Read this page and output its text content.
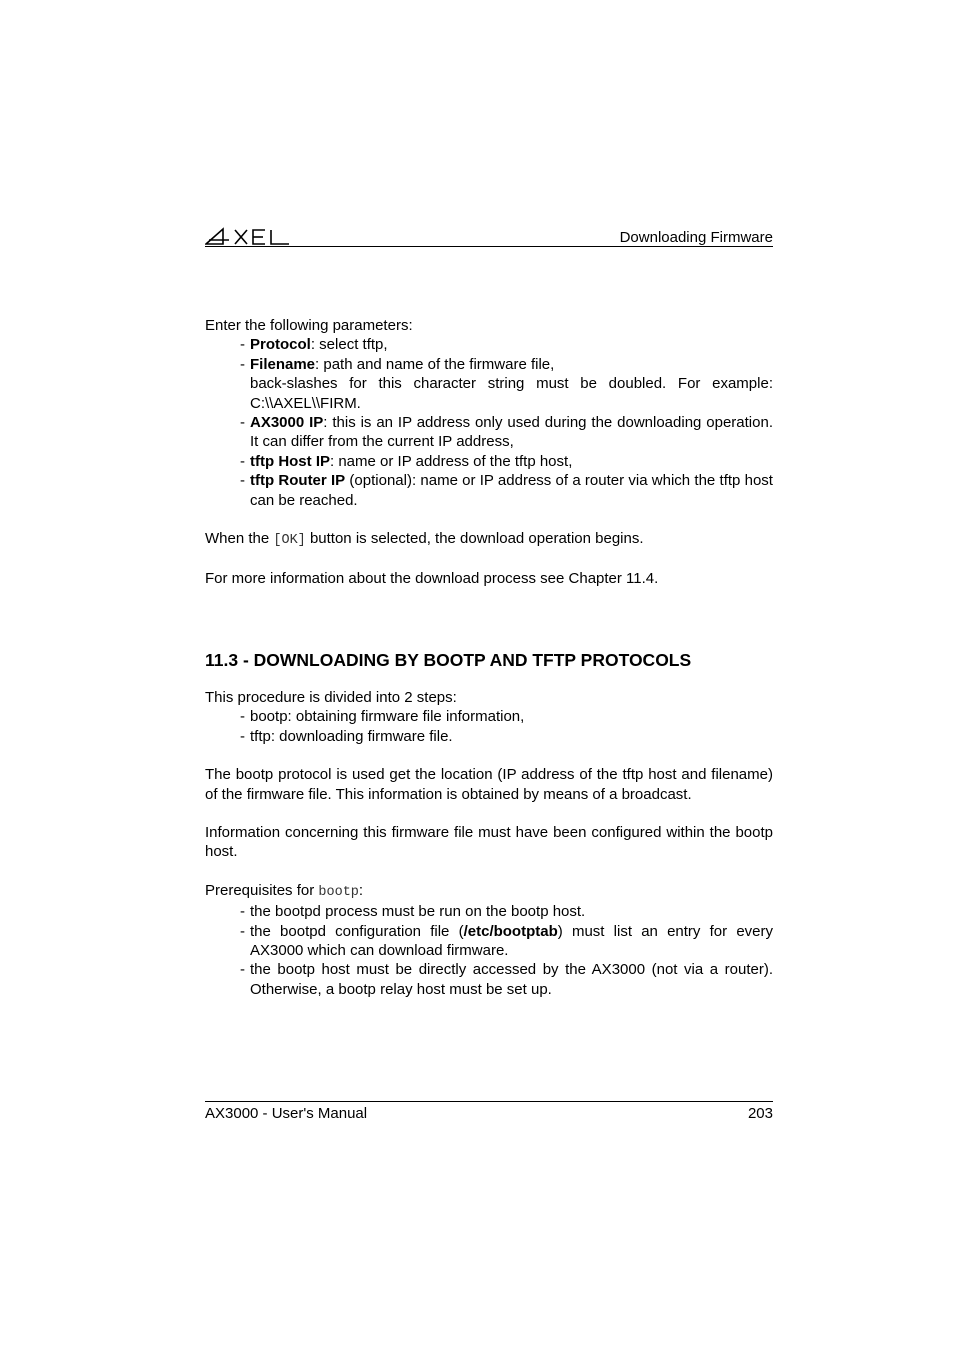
Downloading Firmware

Enter the following parameters:

- Protocol: select tftp,
- Filename: path and name of the firmware file,
back-slashes for this character string must be doubled. For example: C:\\AXEL\\FIRM.
- AX3000 IP: this is an IP address only used during the downloading operation. It can differ from the current IP address,
- tftp Host IP: name or IP address of the tftp host,
- tftp Router IP (optional): name or IP address of a router via which the tftp host can be reached.

When the [OK] button is selected, the download operation begins.

For more information about the download process see Chapter 11.4.

11.3 - DOWNLOADING BY BOOTP AND TFTP PROTOCOLS

This procedure is divided into 2 steps:

- bootp: obtaining firmware file information,
- tftp: downloading firmware file.

The bootp protocol is used get the location (IP address of the tftp host and filename) of the firmware file. This information is obtained by means of a broadcast.

Information concerning this firmware file must have been configured within the bootp host.

Prerequisites for bootp:

- the bootpd process must be run on the bootp host.
- the bootpd configuration file (/etc/bootptab) must list an entry for every AX3000 which can download firmware.
- the bootp host must be directly accessed by the AX3000 (not via a router). Otherwise, a bootp relay host must be set up.
AX3000 - User's Manual	203
